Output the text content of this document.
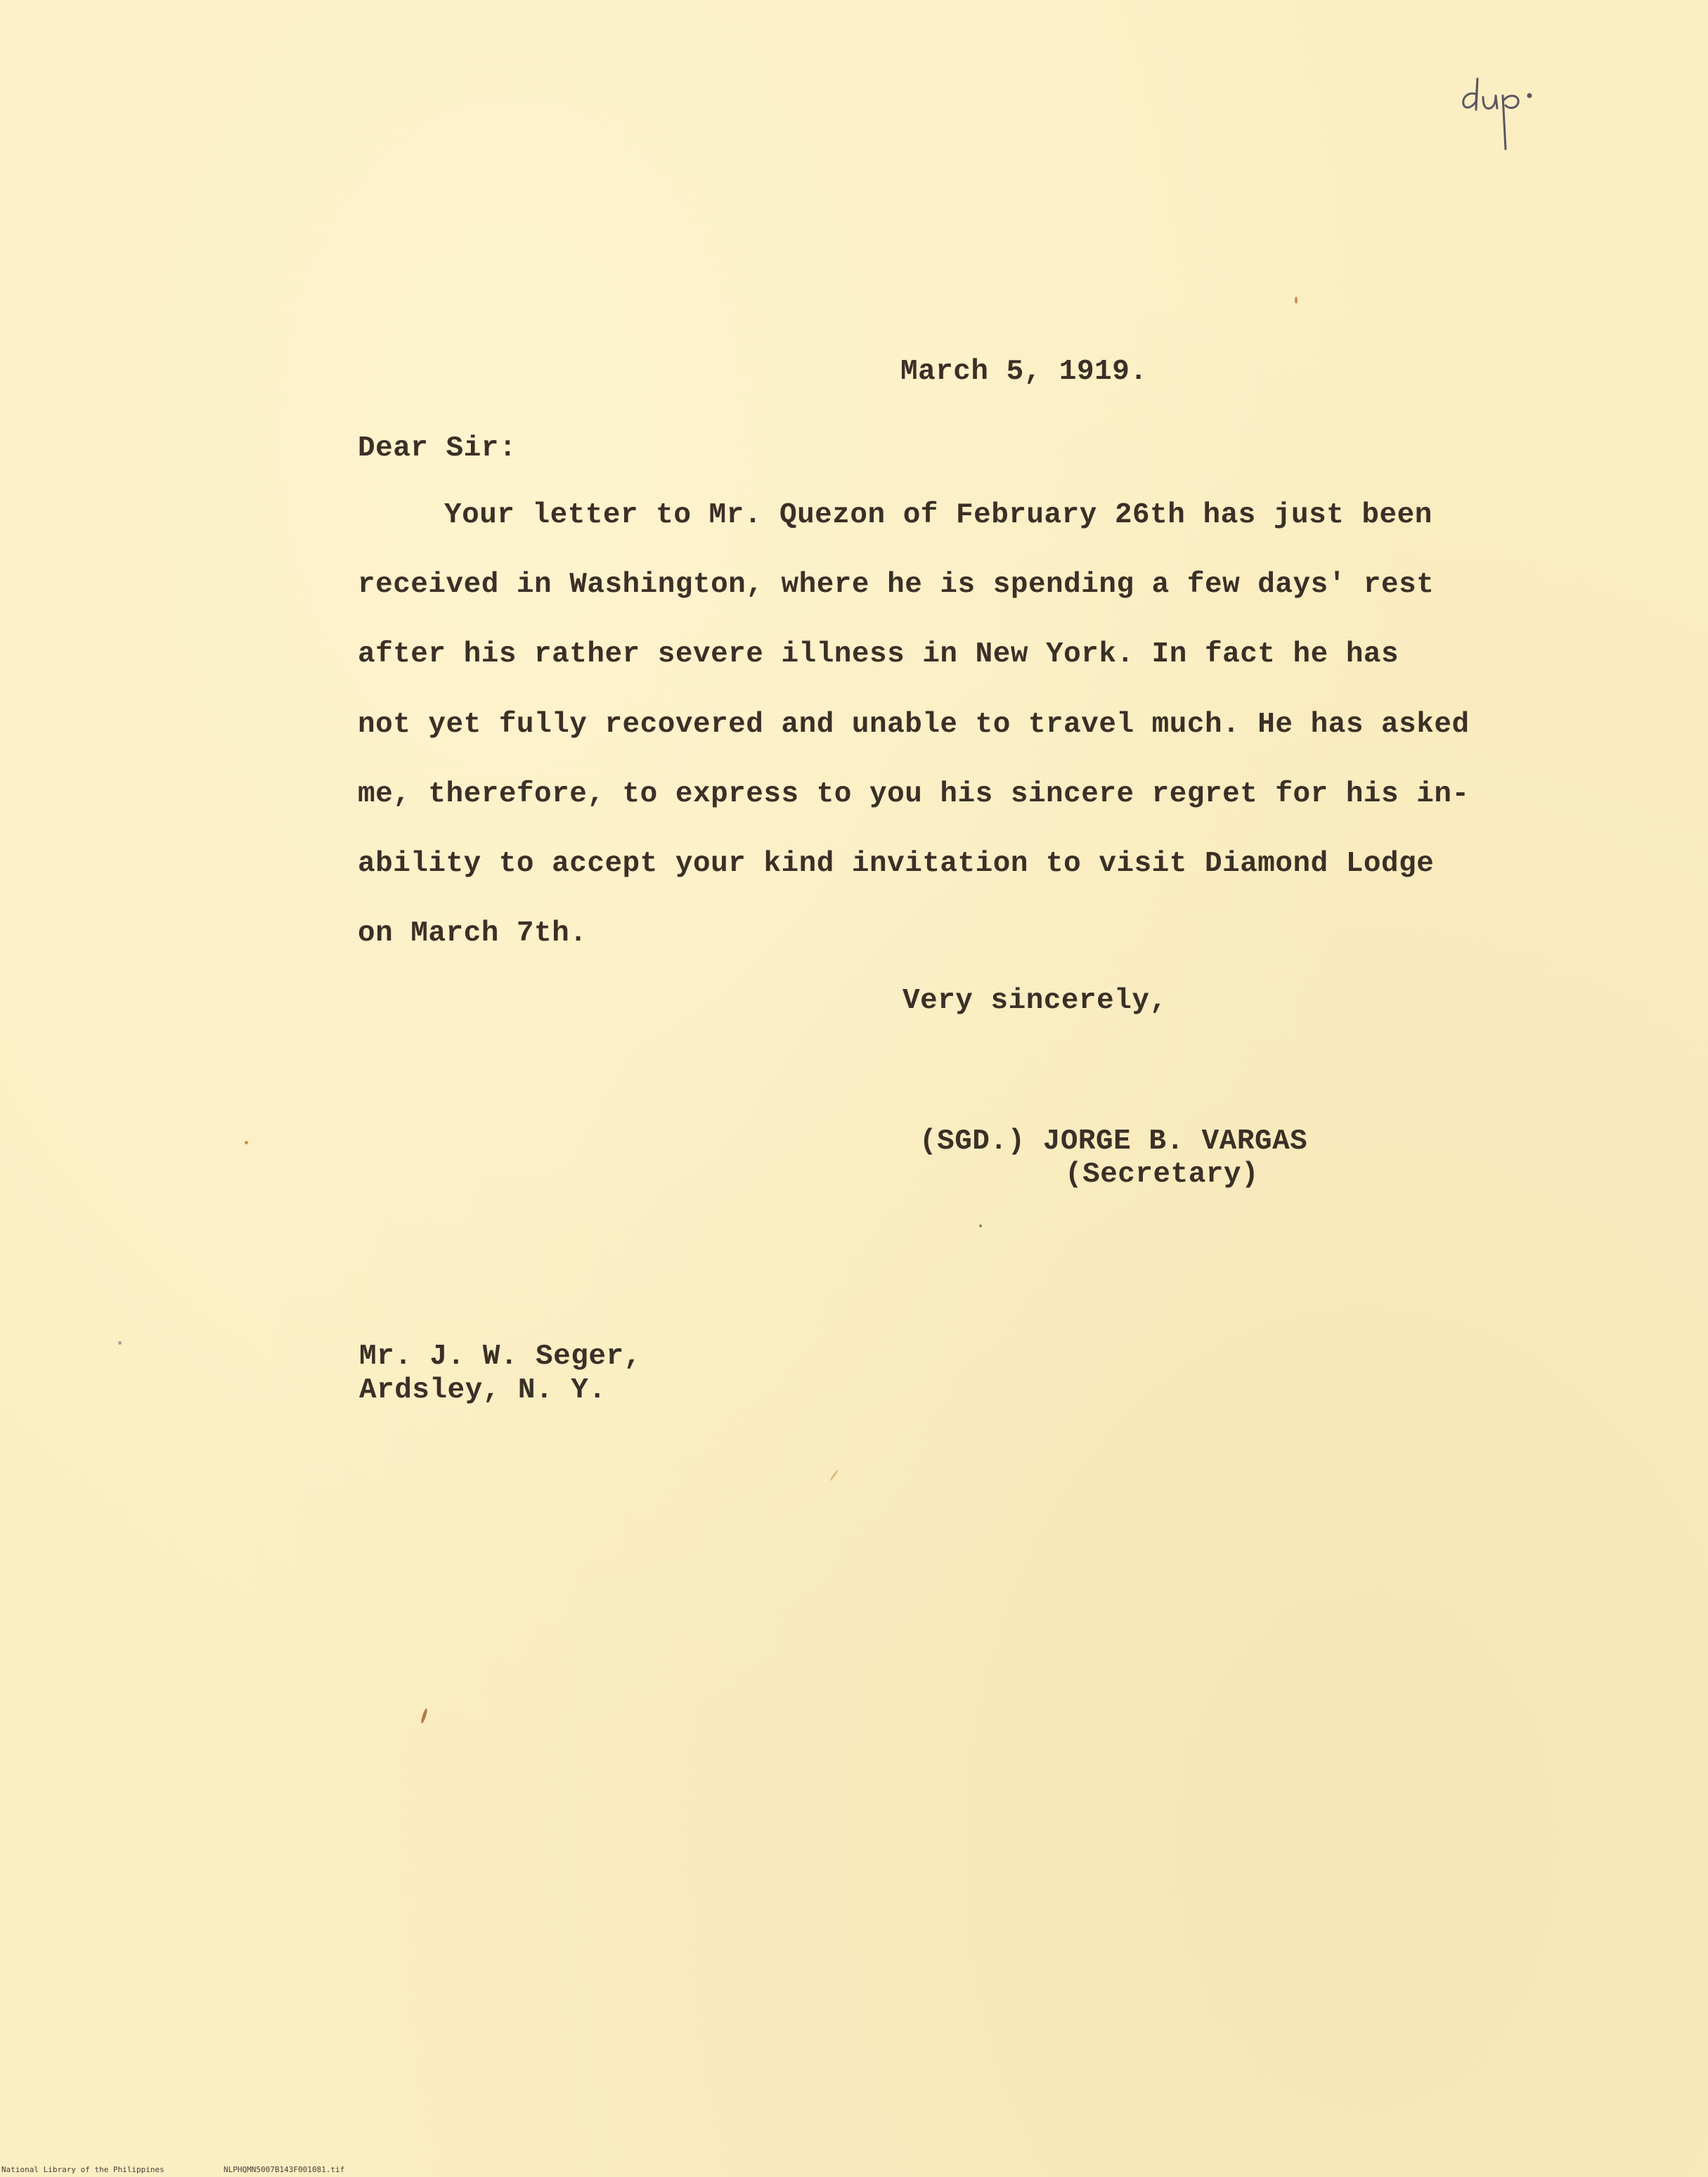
March 5, 1919.
Dear Sir:
Your letter to Mr. Quezon of February 26th has just been
received in Washington, where he is spending a few days' rest
after his rather severe illness in New York. In fact he has
not yet fully recovered and unable to travel much. He has asked
me, therefore, to express to you his sincere regret for his in-
ability to accept your kind invitation to visit Diamond Lodge
on March 7th.
Very sincerely,
(SGD.) JORGE B. VARGAS
(Secretary)
Mr. J. W. Seger,
Ardsley, N. Y.
National Library of the Philippines	NLPHQMN5007B143F001081.tif
